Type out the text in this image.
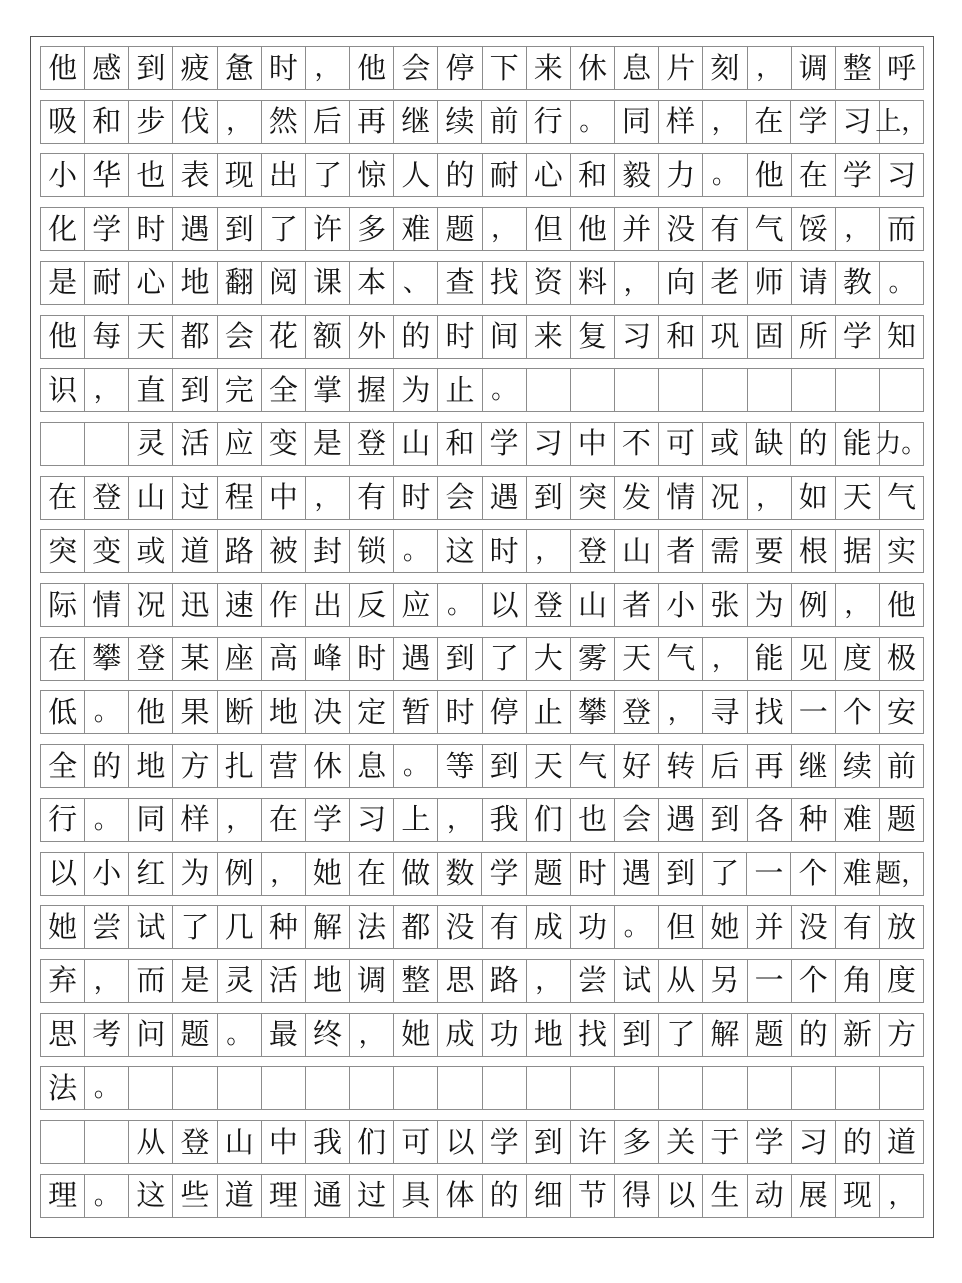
他 感 到 疲 惫 时 ， 他 会 停 下 来 休 息 片 刻 ， 调 整 呼
吸 和 步 伐 ， 然 后 再 继 续 前 行 。 同 样 ， 在 学 习 上，
小 华 也 表 现 出 了 惊 人 的 耐 心 和 毅 力 。 他 在 学 习
化 学 时 遇 到 了 许 多 难 题 ， 但 他 并 没 有 气 馁 ， 而
是 耐 心 地 翻 阅 课 本 、 查 找 资 料 ， 向 老 师 请 教 。
他 每 天 都 会 花 额 外 的 时 间 来 复 习 和 巩 固 所 学 知
识 ， 直 到 完 全 掌 握 为 止 。
灵 活 应 变 是 登 山 和 学 习 中 不 可 或 缺 的 能 力。
在 登 山 过 程 中 ， 有 时 会 遇 到 突 发 情 况 ， 如 天 气
突 变 或 道 路 被 封 锁 。 这 时 ， 登 山 者 需 要 根 据 实
际 情 况 迅 速 作 出 反 应 。 以 登 山 者 小 张 为 例 ， 他
在 攀 登 某 座 高 峰 时 遇 到 了 大 雾 天 气 ， 能 见 度 极
低 。 他 果 断 地 决 定 暂 时 停 止 攀 登 ， 寻 找 一 个 安
全 的 地 方 扎 营 休 息 。 等 到 天 气 好 转 后 再 继 续 前
行 。 同 样 ， 在 学 习 上 ， 我 们 也 会 遇 到 各 种 难 题
以 小 红 为 例 ， 她 在 做 数 学 题 时 遇 到 了 一 个 难 题，
她 尝 试 了 几 种 解 法 都 没 有 成 功 。 但 她 并 没 有 放
弃 ， 而 是 灵 活 地 调 整 思 路 ， 尝 试 从 另 一 个 角 度
思 考 问 题 。 最 终 ， 她 成 功 地 找 到 了 解 题 的 新 方
法 。
从 登 山 中 我 们 可 以 学 到 许 多 关 于 学 习 的 道
理 。 这 些 道 理 通 过 具 体 的 细 节 得 以 生 动 展 现 ，
